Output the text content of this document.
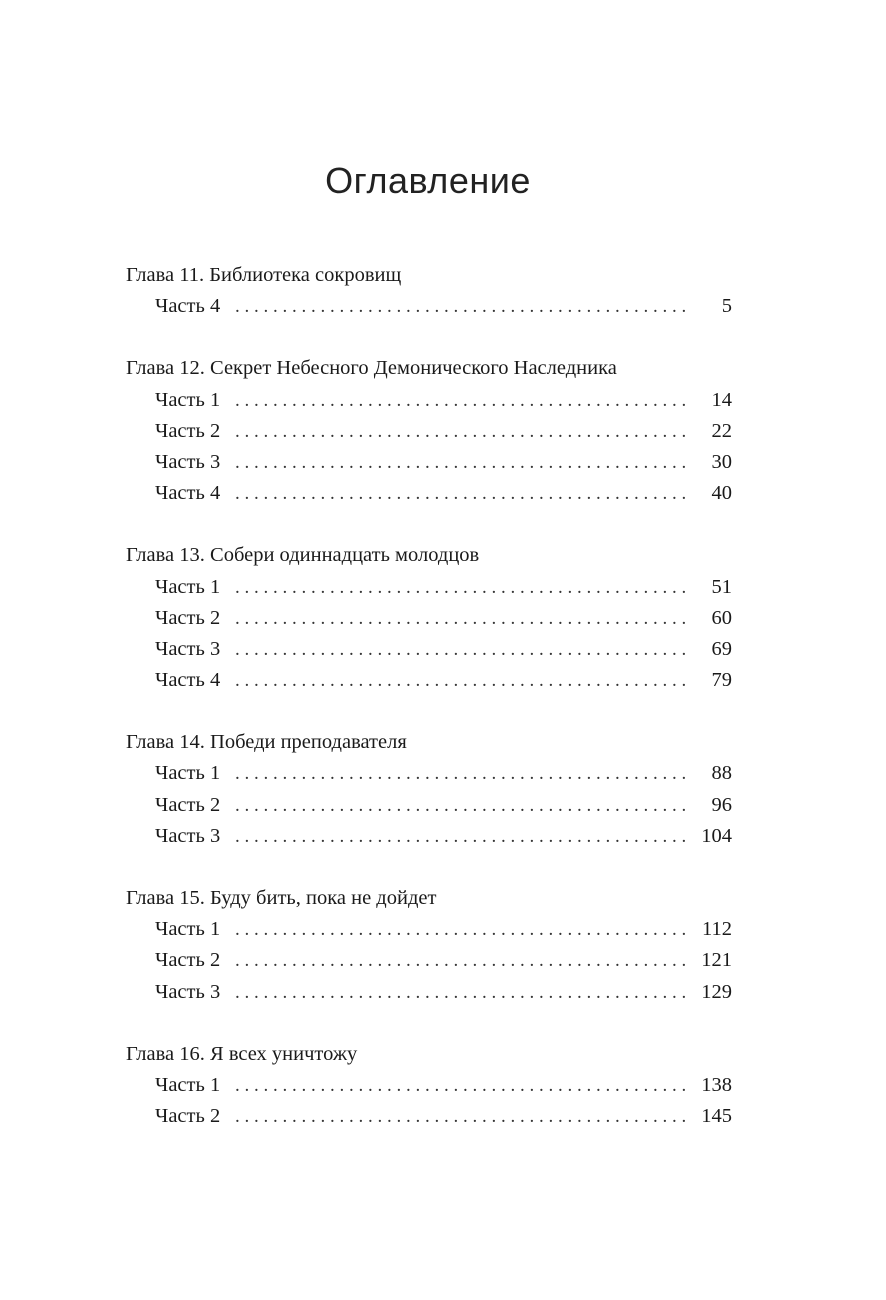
Оглавление
Глава 11. Библиотека сокровищ
Часть 4 . . .	5
Глава 12. Секрет Небесного Демонического Наследника
Часть 1 . . .	14
Часть 2 . . .	22
Часть 3 . . .	30
Часть 4 . . .	40
Глава 13. Собери одиннадцать молодцов
Часть 1 . . .	51
Часть 2 . . .	60
Часть 3 . . .	69
Часть 4 . . .	79
Глава 14. Победи преподавателя
Часть 1 . . .	88
Часть 2 . . .	96
Часть 3 . . .	104
Глава 15. Буду бить, пока не дойдет
Часть 1 . . .	112
Часть 2 . . .	121
Часть 3 . . .	129
Глава 16. Я всех уничтожу
Часть 1 . . .	138
Часть 2 . . .	145
